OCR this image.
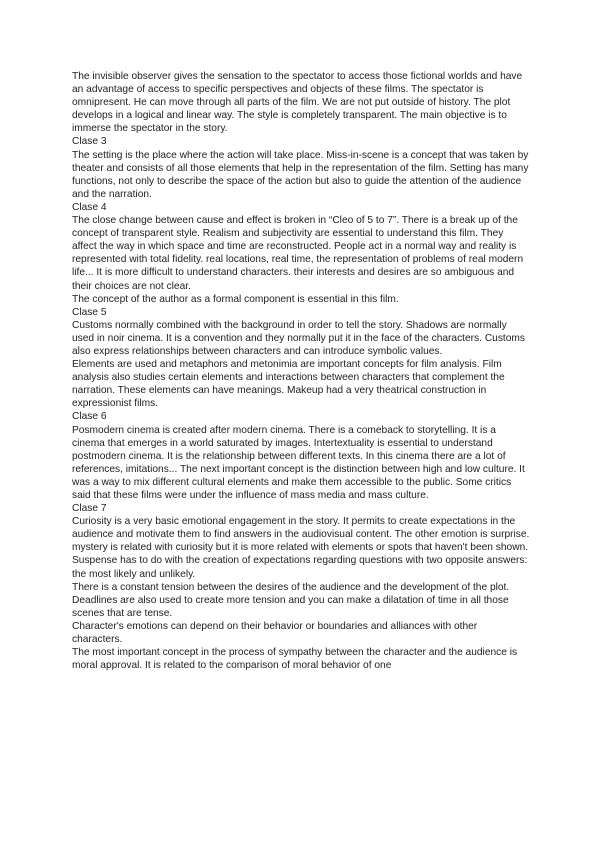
The invisible observer gives the sensation to the spectator to access those fictional worlds and have an advantage of access to specific perspectives and objects of these films. The spectator is omnipresent. He can move through all parts of the film. We are not put outside of history. The plot develops in a logical and linear way. The style is completely transparent. The main objective is to immerse the spectator in the story.

Clase 3

The setting is the place where the action will take place. Miss-in-scene is a concept that was taken by theater and consists of all those elements that help in the representation of the film. Setting has many functions, not only to describe the space of the action but also to guide the attention of the audience and the narration.

Clase 4

The close change between cause and effect is broken in “Cleo of 5 to 7”. There is a break up of the concept of transparent style. Realism and subjectivity are essential to understand this film. They affect the way in which space and time are reconstructed. People act in a normal way and reality is represented with total fidelity. real locations, real time, the representation of problems of real modern life... It is more difficult to understand characters. their interests and desires are so ambiguous and their choices are not clear.

The concept of the author as a formal component is essential in this film.

Clase 5

Customs normally combined with the background in order to tell the story. Shadows are normally used in noir cinema. It is a convention and they normally put it in the face of the characters. Customs also express relationships between characters and can introduce symbolic values.

Elements are used and metaphors and metonimia are important concepts for film analysis. Film analysis also studies certain elements and interactions between characters that complement the narration. These elements can have meanings. Makeup had a very theatrical construction in expressionist films.

Clase 6

Posmodern cinema is created after modern cinema. There is a comeback to storytelling. It is a cinema that emerges in a world saturated by images. Intertextuality is essential to understand postmodern cinema. It is the relationship between different texts. In this cinema there are a lot of references, imitations... The next important concept is the distinction between high and low culture. It was a way to mix different cultural elements and make them accessible to the public. Some critics said that these films were under the influence of mass media and mass culture.

Clase 7

Curiosity is a very basic emotional engagement in the story. It permits to create expectations in the audience and motivate them to find answers in the audiovisual content. The other emotion is surprise. mystery is related with curiosity but it is more related with elements or spots that haven't been shown. Suspense has to do with the creation of expectations regarding questions with two opposite answers: the most likely and unlikely.

There is a constant tension between the desires of the audience and the development of the plot. Deadlines are also used to create more tension and you can make a dilatation of time in all those scenes that are tense.

Character's emotions can depend on their behavior or boundaries and alliances with other characters.

The most important concept in the process of sympathy between the character and the audience is moral approval. It is related to the comparison of moral behavior of one
